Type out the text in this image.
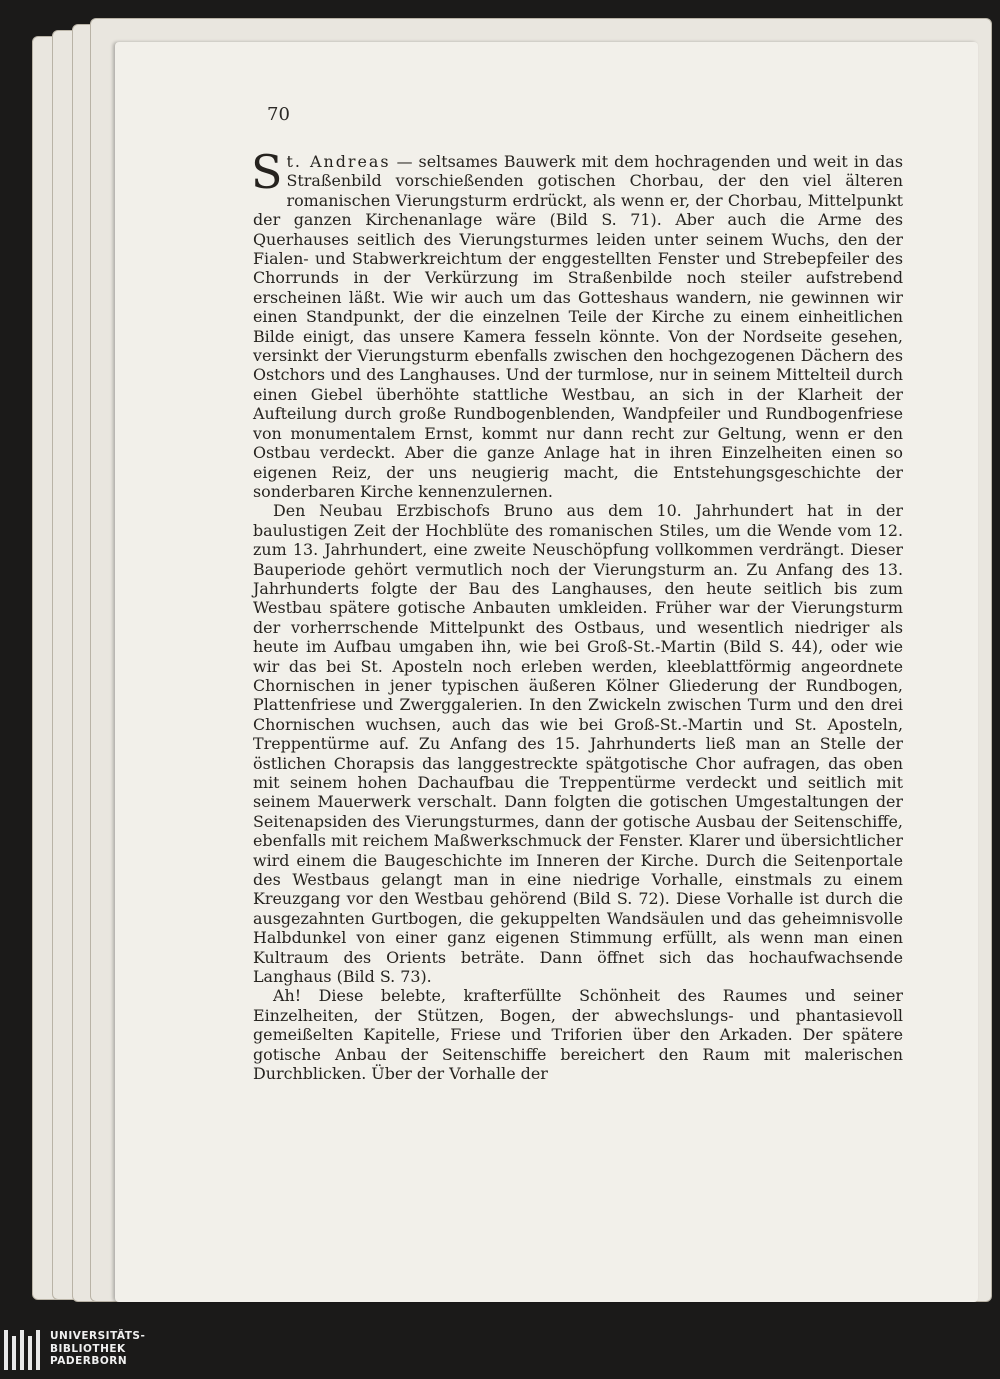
70

St. Andreas — seltsames Bauwerk mit dem hochragenden und weit in das Straßenbild vorschießenden gotischen Chorbau, der den viel älteren romanischen Vierungsturm erdrückt, als wenn er, der Chorbau, Mittelpunkt der ganzen Kirchenanlage wäre (Bild S. 71). Aber auch die Arme des Querhauses seitlich des Vierungsturmes leiden unter seinem Wuchs, den der Fialen- und Stabwerkreichtum der enggestellten Fenster und Strebepfeiler des Chorrunds in der Verkürzung im Straßenbilde noch steiler aufstrebend erscheinen läßt. Wie wir auch um das Gotteshaus wandern, nie gewinnen wir einen Standpunkt, der die einzelnen Teile der Kirche zu einem einheitlichen Bilde einigt, das unsere Kamera fesseln könnte. Von der Nordseite gesehen, versinkt der Vierungsturm ebenfalls zwischen den hochgezogenen Dächern des Ostchors und des Langhauses. Und der turmlose, nur in seinem Mittelteil durch einen Giebel überhöhte stattliche Westbau, an sich in der Klarheit der Aufteilung durch große Rundbogenblenden, Wandpfeiler und Rundbogenfriese von monumentalem Ernst, kommt nur dann recht zur Geltung, wenn er den Ostbau verdeckt. Aber die ganze Anlage hat in ihren Einzelheiten einen so eigenen Reiz, der uns neugierig macht, die Entstehungsgeschichte der sonderbaren Kirche kennenzulernen.

Den Neubau Erzbischofs Bruno aus dem 10. Jahrhundert hat in der baulustigen Zeit der Hochblüte des romanischen Stiles, um die Wende vom 12. zum 13. Jahrhundert, eine zweite Neuschöpfung vollkommen verdrängt. Dieser Bauperiode gehört vermutlich noch der Vierungsturm an. Zu Anfang des 13. Jahrhunderts folgte der Bau des Langhauses, den heute seitlich bis zum Westbau spätere gotische Anbauten umkleiden. Früher war der Vierungsturm der vorherrschende Mittelpunkt des Ostbaus, und wesentlich niedriger als heute im Aufbau umgaben ihn, wie bei Groß-St.-Martin (Bild S. 44), oder wie wir das bei St. Aposteln noch erleben werden, kleeblattförmig angeordnete Chornischen in jener typischen äußeren Kölner Gliederung der Rundbogen, Plattenfriese und Zwerggalerien. In den Zwickeln zwischen Turm und den drei Chornischen wuchsen, auch das wie bei Groß-St.-Martin und St. Aposteln, Treppentürme auf. Zu Anfang des 15. Jahrhunderts ließ man an Stelle der östlichen Chorapsis das langgestreckte spätgotische Chor aufragen, das oben mit seinem hohen Dachaufbau die Treppentürme verdeckt und seitlich mit seinem Mauerwerk verschalt. Dann folgten die gotischen Umgestaltungen der Seitenapsiden des Vierungsturmes, dann der gotische Ausbau der Seitenschiffe, ebenfalls mit reichem Maßwerkschmuck der Fenster. Klarer und übersichtlicher wird einem die Baugeschichte im Inneren der Kirche. Durch die Seitenportale des Westbaus gelangt man in eine niedrige Vorhalle, einstmals zu einem Kreuzgang vor den Westbau gehörend (Bild S. 72). Diese Vorhalle ist durch die ausgezahnten Gurtbogen, die gekuppelten Wandsäulen und das geheimnisvolle Halbdunkel von einer ganz eigenen Stimmung erfüllt, als wenn man einen Kultraum des Orients beträte. Dann öffnet sich das hochaufwachsende Langhaus (Bild S. 73).

Ah! Diese belebte, krafterfüllte Schönheit des Raumes und seiner Einzelheiten, der Stützen, Bogen, der abwechslungs- und phantasievoll gemeißelten Kapitelle, Friese und Triforien über den Arkaden. Der spätere gotische Anbau der Seitenschiffe bereichert den Raum mit malerischen Durchblicken. Über der Vorhalle der

UNIVERSITÄTS-
BIBLIOTHEK
PADERBORN
